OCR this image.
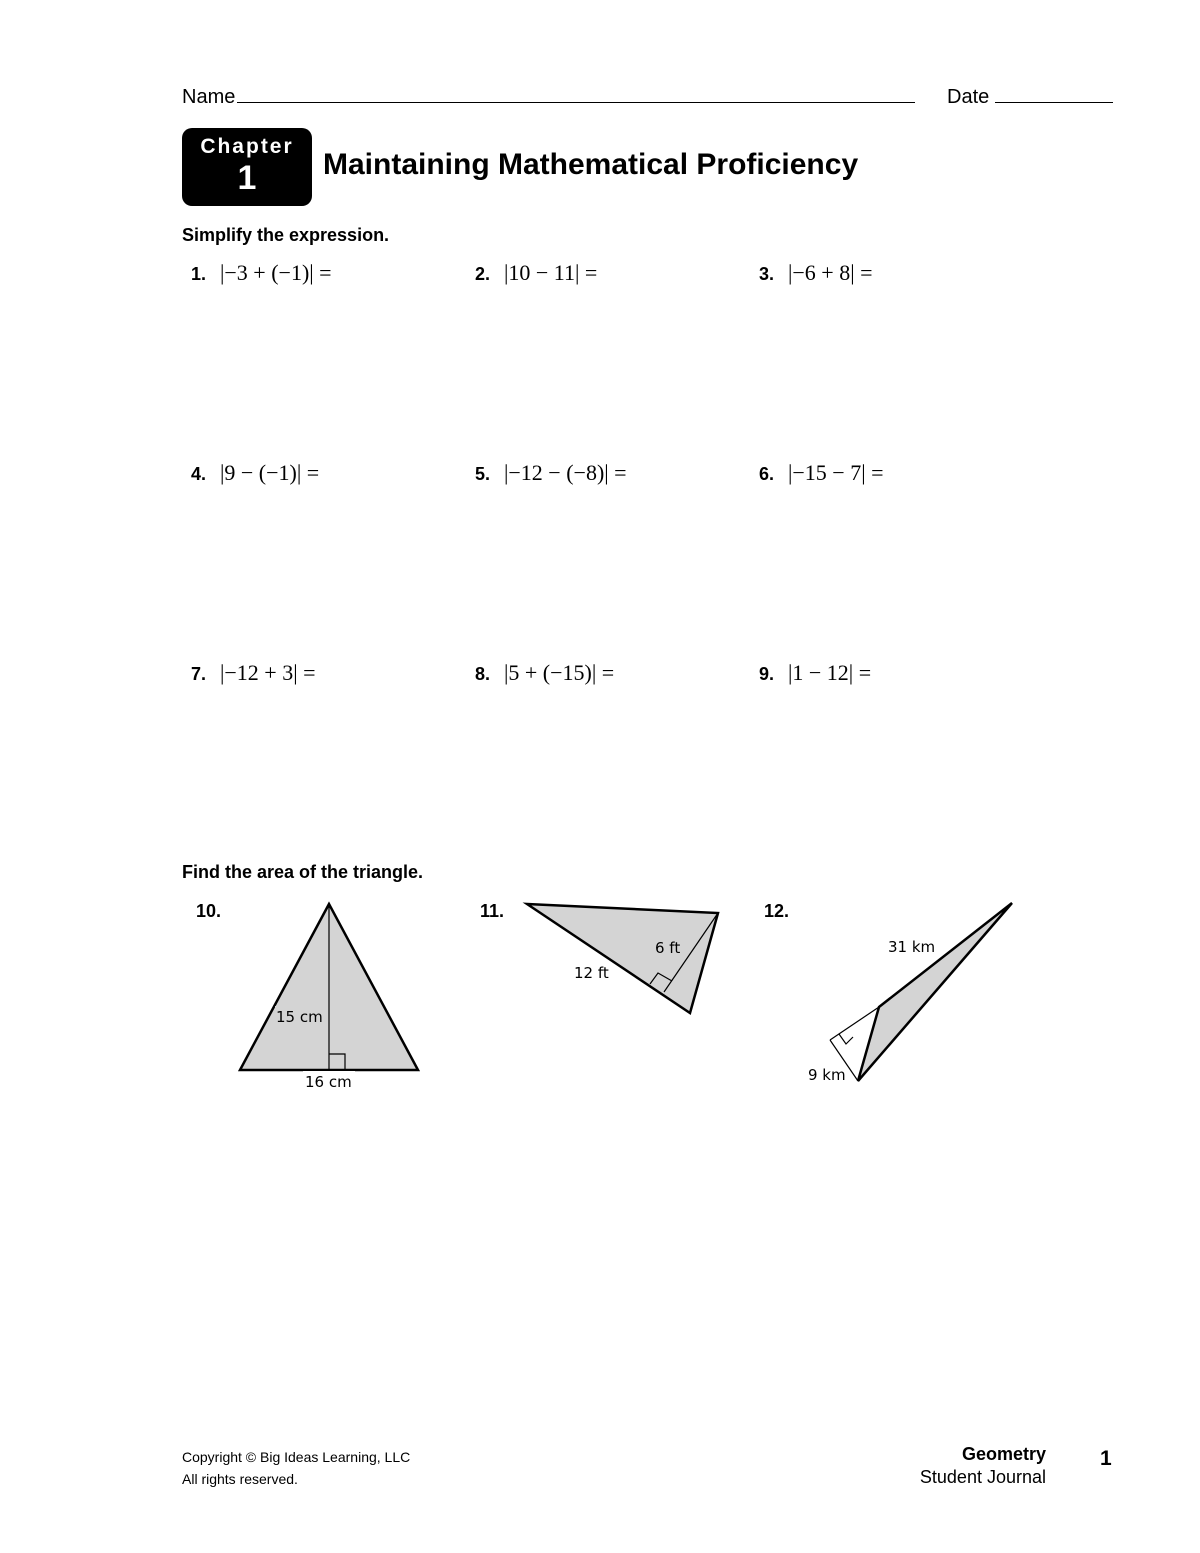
Name	Date
Chapter
1	Maintaining Mathematical Proficiency
Simplify the expression.
1. |−3 + (−1)| =	2. |10 − 11| =	3. |−6 + 8| =
4. |9 − (−1)| =	5. |−12 − (−8)| =	6. |−15 − 7| =
7. |−12 + 3| =	8. |5 + (−15)| =	9. |1 − 12| =
Find the area of the triangle.
10.	11.	12.
15 cm
16 cm
6 ft
12 ft
31 km
9 km
Copyright © Big Ideas Learning, LLC
All rights reserved.
Geometry
Student Journal
1
